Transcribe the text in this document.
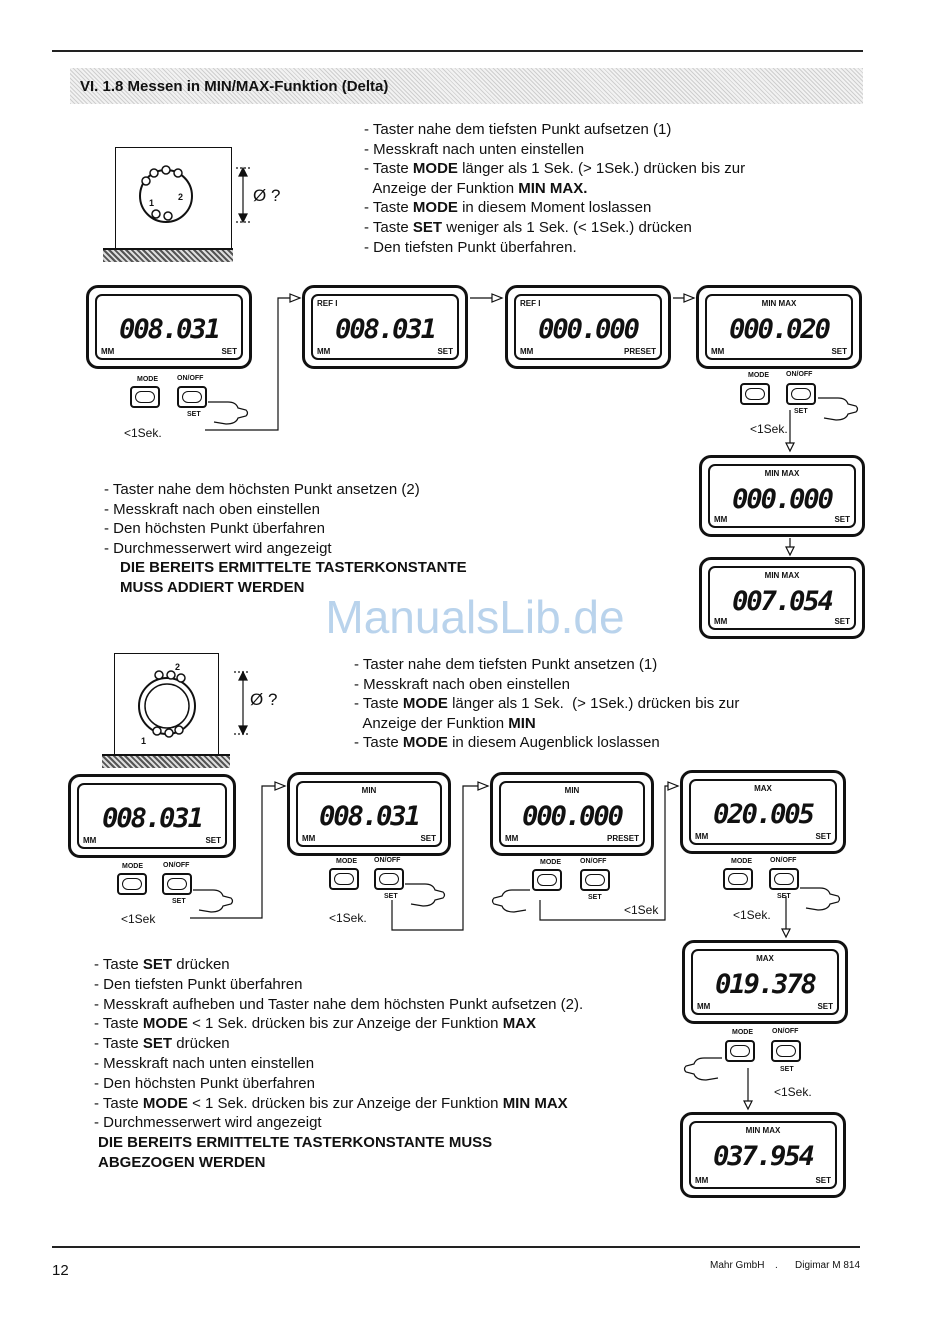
VI. 1.8 Messen in MIN/MAX-Funktion (Delta)
1
2	Ø ?
- Taster nahe dem tiefsten Punkt aufsetzen (1)
- Messkraft nach unten einstellen
- Taste MODE länger als 1 Sek. (> 1Sek.) drücken bis zur
Anzeige der Funktion MIN MAX.
- Taste MODE in diesem Moment loslassen
- Taste SET weniger als 1 Sek. (< 1Sek.) drücken
- Den tiefsten Punkt überfahren.
008.031
MM	SET
REF I
008.031
MM	SET
REF I
000.000
MM	PRESET
MIN MAX
000.020
MM	SET
MODE	ON/OFF
SET
<1Sek.
MODE ON/OFF
SET
<1Sek.
MIN MAX
000.000
MM	SET
MIN MAX
007.054
MM	SET
- Taster nahe dem höchsten Punkt ansetzen (2)
- Messkraft nach oben einstellen
- Den höchsten Punkt überfahren
- Durchmesserwert wird angezeigt
DIE BEREITS ERMITTELTE TASTERKONSTANTE
MUSS ADDIERT WERDEN
ManualsLib.de
2
1
Ø ?
- Taster nahe dem tiefsten Punkt ansetzen (1)
- Messkraft nach oben einstellen
- Taste MODE länger als 1 Sek.  (> 1Sek.) drücken bis zur
Anzeige der Funktion MIN
- Taste MODE in diesem Augenblick loslassen
008.031
MM	SET
MIN
008.031
MM	SET
MIN
000.000
MM	PRESET
MAX
020.005
MM	SET
MODE	ON/OFF
SET
<1Sek
MODE ON/OFF
SET
<1Sek.
MODE	ON/OFF
SET
<1Sek
MODE	ON/OFF
SET
<1Sek.
MAX
019.378
MM	SET
MODE	ON/OFF
SET
<1Sek.
MIN MAX
037.954
MM	SET
- Taste SET drücken
- Den tiefsten Punkt überfahren
- Messkraft aufheben und Taster nahe dem höchsten Punkt aufsetzen (2).
- Taste MODE < 1 Sek. drücken bis zur Anzeige der Funktion MAX
- Taste SET drücken
- Messkraft nach unten einstellen
- Den höchsten Punkt überfahren
- Taste MODE < 1 Sek. drücken bis zur Anzeige der Funktion MIN MAX
- Durchmesserwert wird angezeigt
DIE BEREITS ERMITTELTE TASTERKONSTANTE MUSS
ABGEZOGEN WERDEN
12	Mahr GmbH . Digimar M 814
